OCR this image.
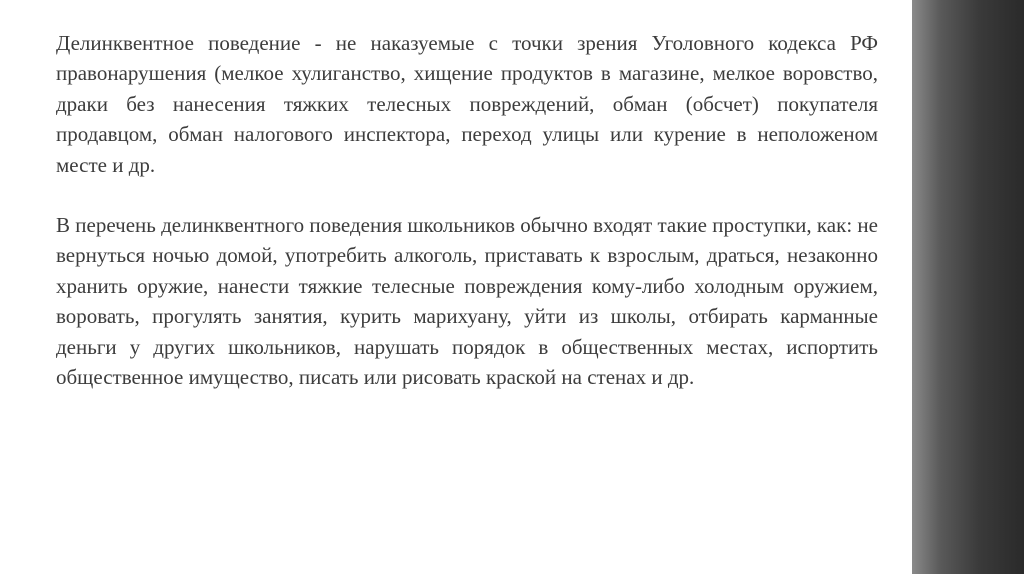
Делинквентное поведение - не наказуемые с точки зрения Уголовного кодекса РФ правонарушения (мелкое хулиганство, хищение продуктов в магазине, мелкое воровство, драки без нанесения тяжких телесных повреждений, обман (обсчет) покупателя продавцом, обман налогового инспектора, переход улицы или курение в неположеном месте и др.

В перечень делинквентного поведения школьников обычно входят такие проступки, как: не вернуться ночью домой, употребить алкоголь, приставать к взрослым, драться, незаконно хранить оружие, нанести тяжкие телесные повреждения кому-либо холодным оружием, воровать, прогулять занятия, курить марихуану, уйти из школы, отбирать карманные деньги у других школьников, нарушать порядок в общественных местах, испортить общественное имущество, писать или рисовать краской на стенах и др.
